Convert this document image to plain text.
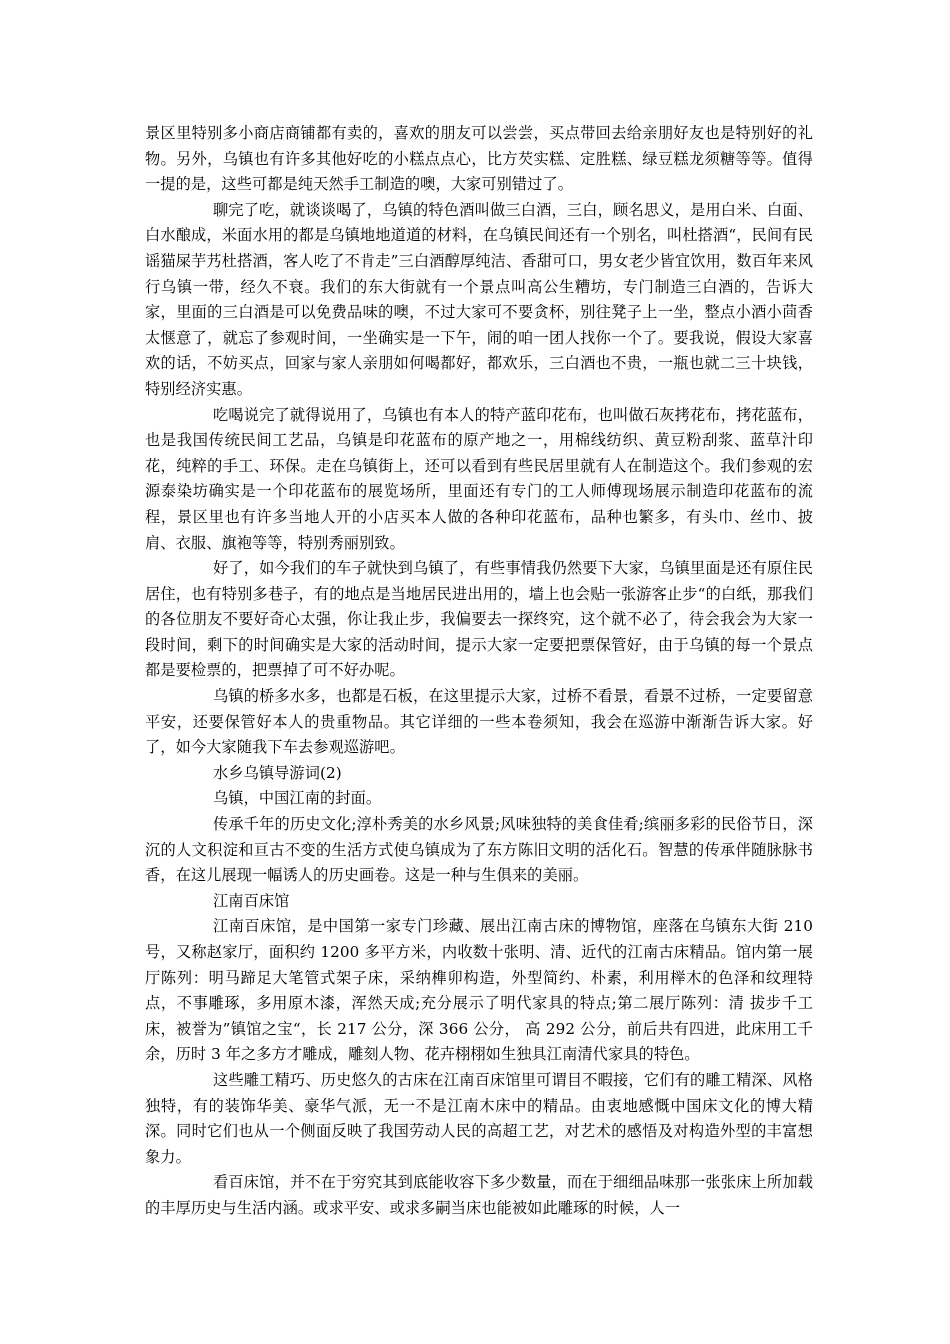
景区里特别多小商店商铺都有卖的，喜欢的朋友可以尝尝，买点带回去给亲朋好友也是特别好的礼物。另外，乌镇也有许多其他好吃的小糕点点心，比方芡实糕、定胜糕、绿豆糕龙须糖等等。值得一提的是，这些可都是纯天然手工制造的噢，大家可别错过了。

聊完了吃，就谈谈喝了，乌镇的特色酒叫做三白酒，三白，顾名思义，是用白米、白面、白水酿成，米面水用的都是乌镇地地道道的材料，在乌镇民间还有一个别名，叫杜搭酒“，民间有民谣猫屎芋艿杜搭酒，客人吃了不肯走”三白酒醇厚纯洁、香甜可口，男女老少皆宜饮用，数百年来风行乌镇一带，经久不衰。我们的东大街就有一个景点叫高公生糟坊，专门制造三白酒的，告诉大家，里面的三白酒是可以免费品味的噢，不过大家可不要贪杯，别往凳子上一坐，整点小酒小茴香太惬意了，就忘了参观时间，一坐确实是一下午，闹的咱一团人找你一个了。要我说，假设大家喜欢的话，不妨买点，回家与家人亲朋如何喝都好，都欢乐，三白酒也不贵，一瓶也就二三十块钱，特别经济实惠。

吃喝说完了就得说用了，乌镇也有本人的特产蓝印花布，也叫做石灰拷花布，拷花蓝布，也是我国传统民间工艺品，乌镇是印花蓝布的原产地之一，用棉线纺织、黄豆粉刮浆、蓝草汁印花，纯粹的手工、环保。走在乌镇街上，还可以看到有些民居里就有人在制造这个。我们参观的宏源泰染坊确实是一个印花蓝布的展览场所，里面还有专门的工人师傅现场展示制造印花蓝布的流程，景区里也有许多当地人开的小店买本人做的各种印花蓝布，品种也繁多，有头巾、丝巾、披肩、衣服、旗袍等等，特别秀丽别致。

好了，如今我们的车子就快到乌镇了，有些事情我仍然要下大家，乌镇里面是还有原住民居住，也有特别多巷子，有的地点是当地居民进出用的，墙上也会贴一张游客止步“的白纸，那我们的各位朋友不要好奇心太强，你让我止步，我偏要去一探终究，这个就不必了，待会我会为大家一段时间，剩下的时间确实是大家的活动时间，提示大家一定要把票保管好，由于乌镇的每一个景点都是要检票的，把票掉了可不好办呢。

乌镇的桥多水多，也都是石板，在这里提示大家，过桥不看景，看景不过桥，一定要留意平安，还要保管好本人的贵重物品。其它详细的一些本卷须知，我会在巡游中渐渐告诉大家。好了，如今大家随我下车去参观巡游吧。

水乡乌镇导游词(2)

乌镇，中国江南的封面。

传承千年的历史文化;淳朴秀美的水乡风景;风味独特的美食佳肴;缤丽多彩的民俗节日，深沉的人文积淀和亘古不变的生活方式使乌镇成为了东方陈旧文明的活化石。智慧的传承伴随脉脉书香，在这儿展现一幅诱人的历史画卷。这是一种与生俱来的美丽。

江南百床馆

江南百床馆，是中国第一家专门珍藏、展出江南古床的博物馆，座落在乌镇东大街 210 号，又称赵家厅，面积约 1200 多平方米，内收数十张明、清、近代的江南古床精品。馆内第一展厅陈列：明马蹄足大笔管式架子床，采纳榫卯构造，外型简约、朴素，利用榉木的色泽和纹理特点，不事雕琢，多用原木漆，浑然天成;充分展示了明代家具的特点;第二展厅陈列：清 拔步千工床，被誉为”镇馆之宝“，长 217 公分，深 366 公分， 高 292 公分，前后共有四进，此床用工千余，历时 3 年之多方才雕成，雕刻人物、花卉栩栩如生独具江南清代家具的特色。

这些雕工精巧、历史悠久的古床在江南百床馆里可谓目不暇接，它们有的雕工精深、风格独特，有的装饰华美、豪华气派，无一不是江南木床中的精品。由衷地感慨中国床文化的博大精深。同时它们也从一个侧面反映了我国劳动人民的高超工艺，对艺术的感悟及对构造外型的丰富想象力。

看百床馆，并不在于穷究其到底能收容下多少数量，而在于细细品味那一张张床上所加载的丰厚历史与生活内涵。或求平安、或求多嗣当床也能被如此雕琢的时候，人一
